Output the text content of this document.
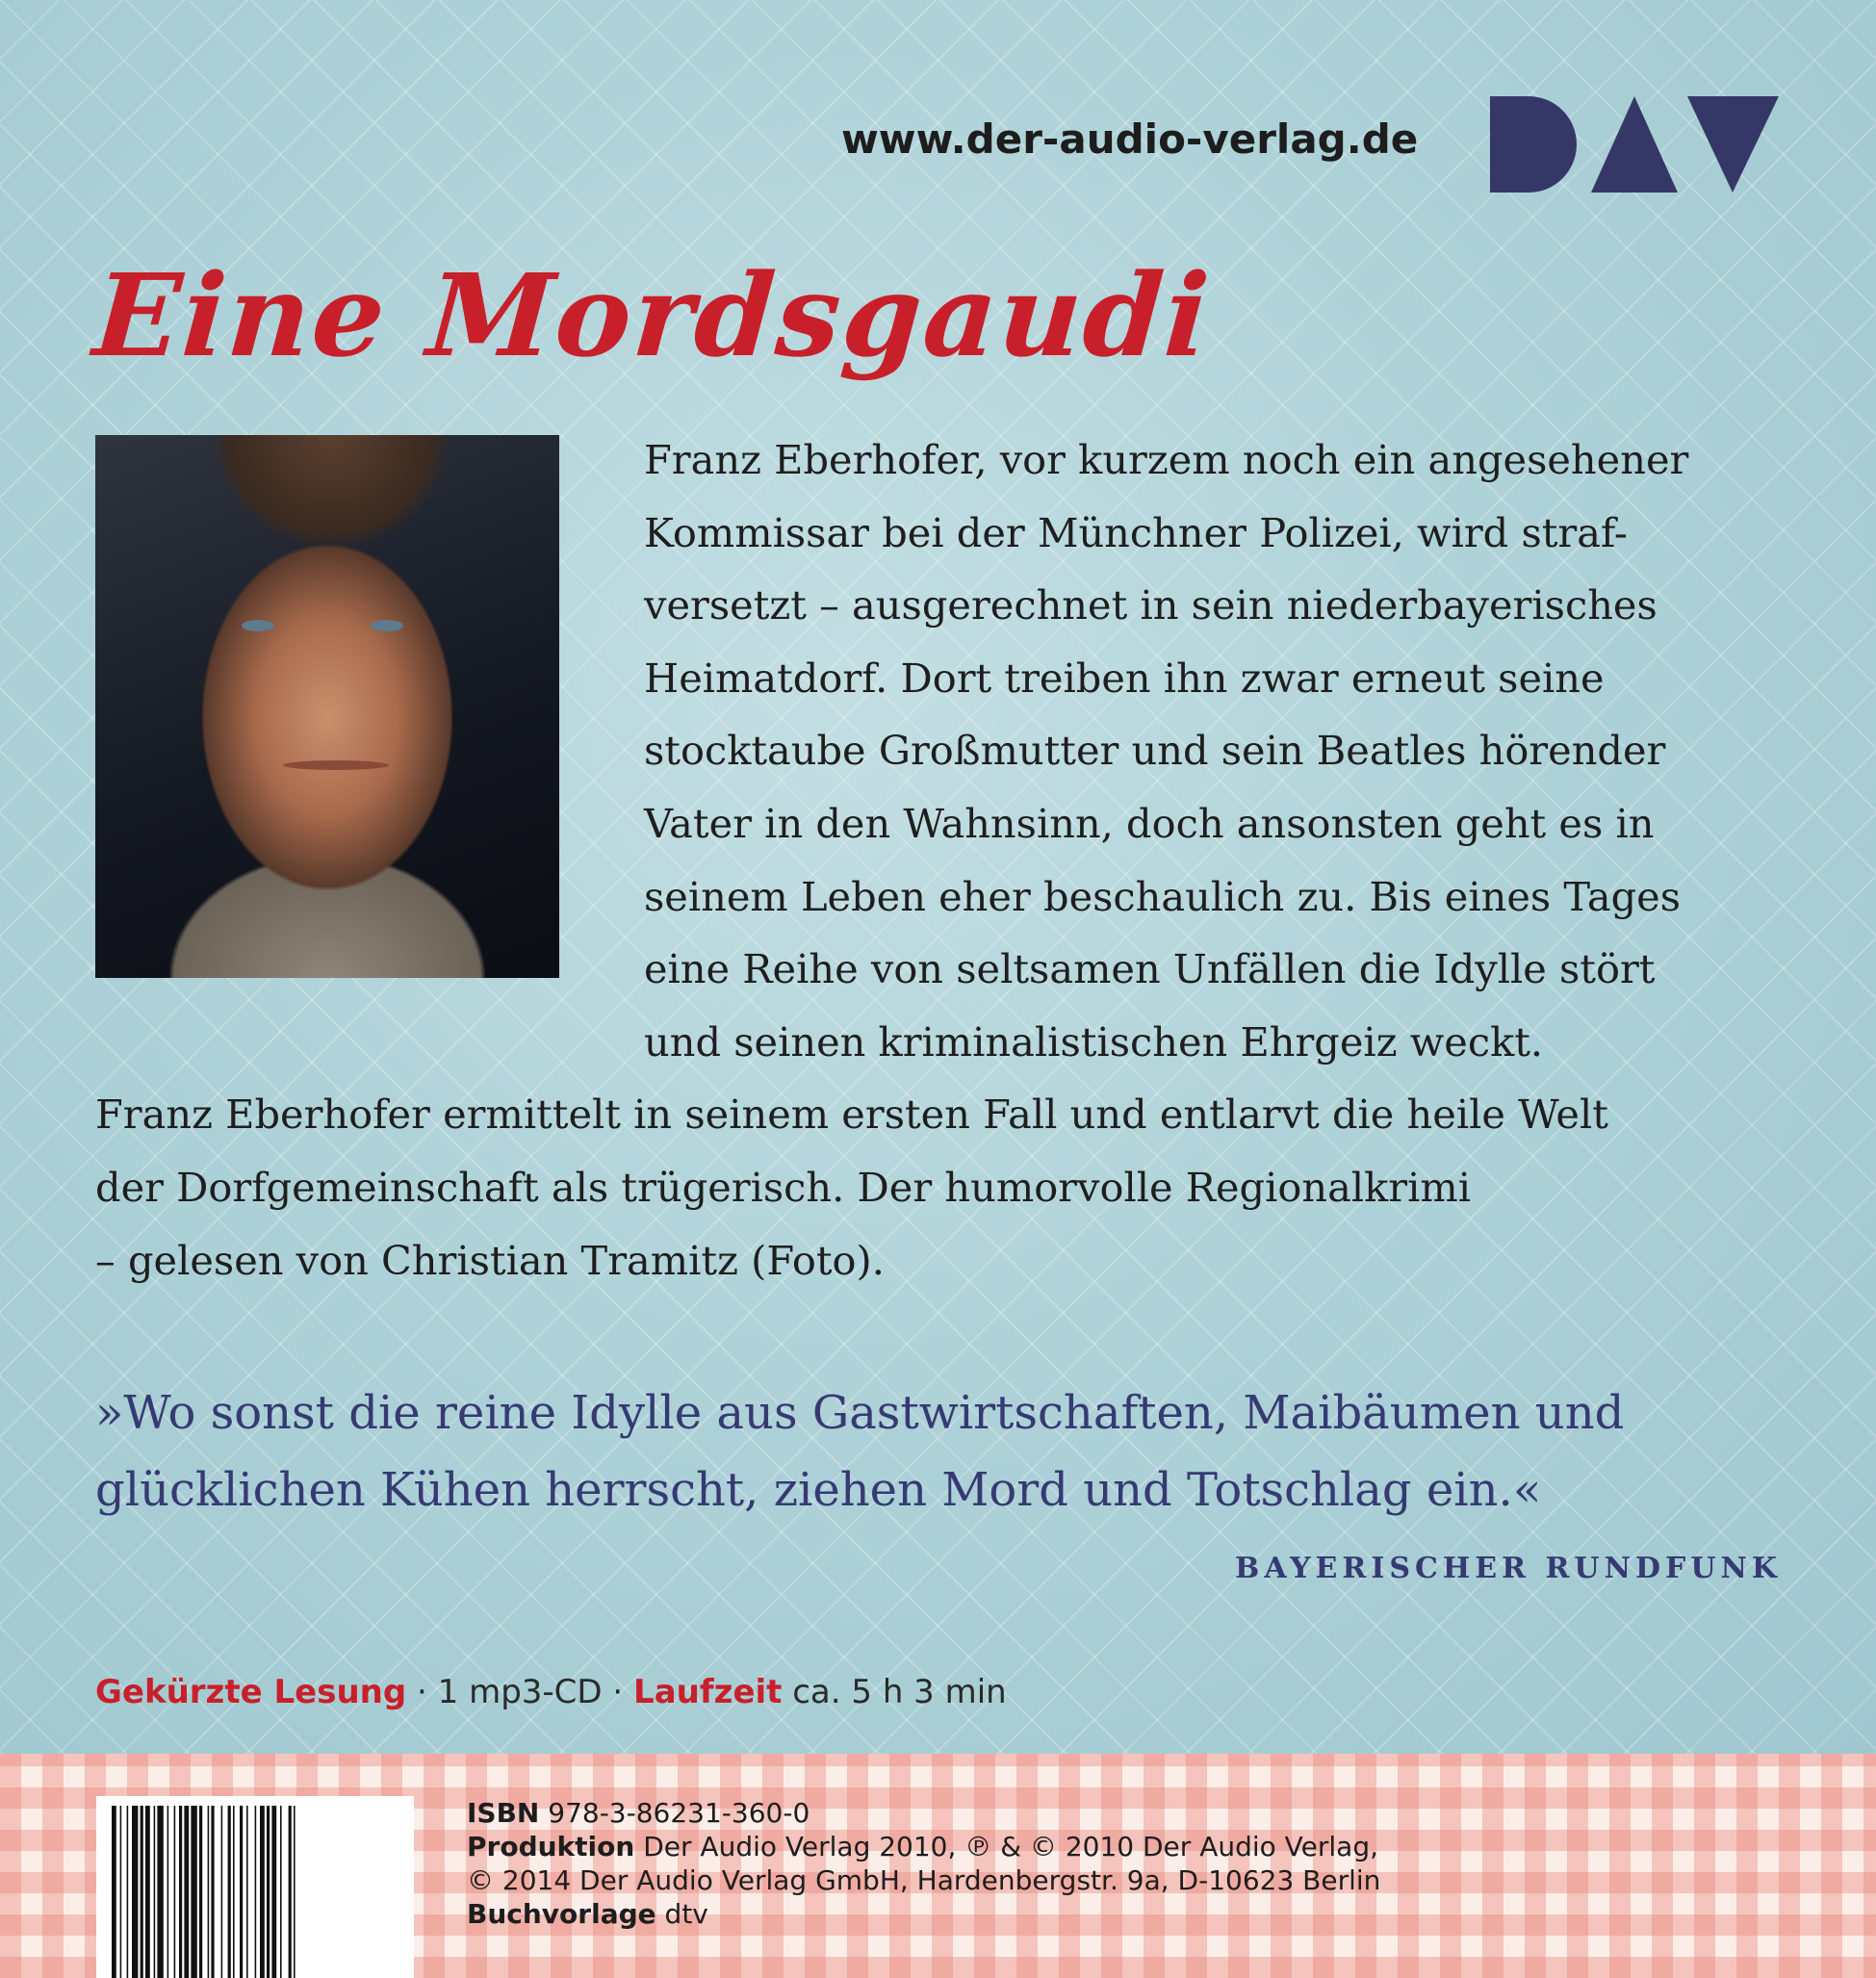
www.der-audio-verlag.de
Eine Mordsgaudi
Franz Eberhofer, vor kurzem noch ein angesehener
Kommissar bei der Münchner Polizei, wird straf-
versetzt – ausgerechnet in sein niederbayerisches
Heimatdorf. Dort treiben ihn zwar erneut seine
stocktaube Großmutter und sein Beatles hörender
Vater in den Wahnsinn, doch ansonsten geht es in
seinem Leben eher beschaulich zu. Bis eines Tages
eine Reihe von seltsamen Unfällen die Idylle stört
und seinen kriminalistischen Ehrgeiz weckt.
Franz Eberhofer ermittelt in seinem ersten Fall und entlarvt die heile Welt
der Dorfgemeinschaft als trügerisch. Der humorvolle Regionalkrimi
– gelesen von Christian Tramitz (Foto).
»Wo sonst die reine Idylle aus Gastwirtschaften, Maibäumen und
glücklichen Kühen herrscht, ziehen Mord und Totschlag ein.«
BAYERISCHER RUNDFUNK
Gekürzte Lesung · 1 mp3-CD · Laufzeit ca. 5 h 3 min
ISBN 978-3-86231-360-0
Produktion Der Audio Verlag 2010, ℗ & © 2010 Der Audio Verlag,
© 2014 Der Audio Verlag GmbH, Hardenbergstr. 9a, D-10623 Berlin
Buchvorlage dtv
